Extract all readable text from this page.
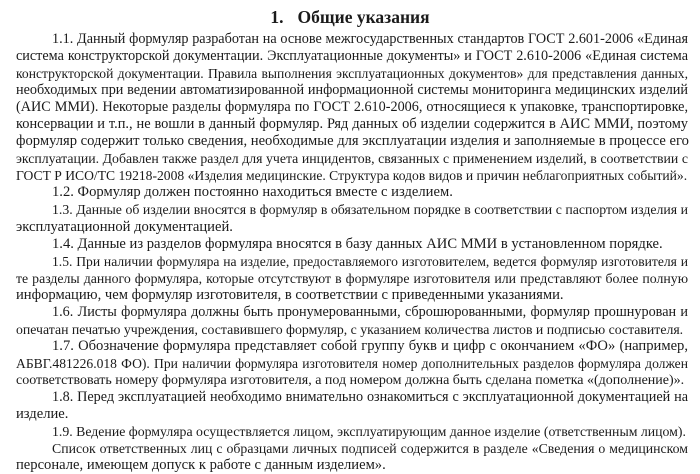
1. Общие указания
1.1. Данный формуляр разработан на основе межгосударственных стандартов ГОСТ 2.601-2006 «Единая
система конструкторской документации. Эксплуатационные документы» и ГОСТ 2.610-2006 «Единая система
конструкторской документации. Правила выполнения эксплуатационных документов» для представления данных,
необходимых при ведении автоматизированной информационной системы мониторинга медицинских изделий
(АИС ММИ). Некоторые разделы формуляра по ГОСТ 2.610-2006, относящиеся к упаковке, транспортировке,
консервации и т.п., не вошли в данный формуляр. Ряд данных об изделии содержится в АИС ММИ, поэтому
формуляр содержит только сведения, необходимые для эксплуатации изделия и заполняемые в процессе его
эксплуатации. Добавлен также раздел для учета инцидентов, связанных с применением изделий, в соответствии с
ГОСТ Р ИСО/ТС 19218-2008 «Изделия медицинские. Структура кодов видов и причин неблагоприятных событий».
1.2. Формуляр должен постоянно находиться вместе с изделием.
1.3. Данные об изделии вносятся в формуляр в обязательном порядке в соответствии с паспортом изделия и
эксплуатационной документацией.
1.4. Данные из разделов формуляра вносятся в базу данных АИС ММИ в установленном порядке.
1.5. При наличии формуляра на изделие, предоставляемого изготовителем, ведется формуляр изготовителя и
те разделы данного формуляра, которые отсутствуют в формуляре изготовителя или представляют более полную
информацию, чем формуляр изготовителя, в соответствии с приведенными указаниями.
1.6. Листы формуляра должны быть пронумерованными, сброшюрованными, формуляр прошнурован и
опечатан печатью учреждения, составившего формуляр, с указанием количества листов и подписью составителя.
1.7. Обозначение формуляра представляет собой группу букв и цифр с окончанием «ФО» (например,
АБВГ.481226.018 ФО). При наличии формуляра изготовителя номер дополнительных разделов формуляра должен
соответствовать номеру формуляра изготовителя, а под номером должна быть сделана пометка «(дополнение)».
1.8. Перед эксплуатацией необходимо внимательно ознакомиться с эксплуатационной документацией на
изделие.
1.9. Ведение формуляра осуществляется лицом, эксплуатирующим данное изделие (ответственным лицом).
Список ответственных лиц с образцами личных подписей содержится в разделе «Сведения о медицинском
персонале, имеющем допуск к работе с данным изделием».
